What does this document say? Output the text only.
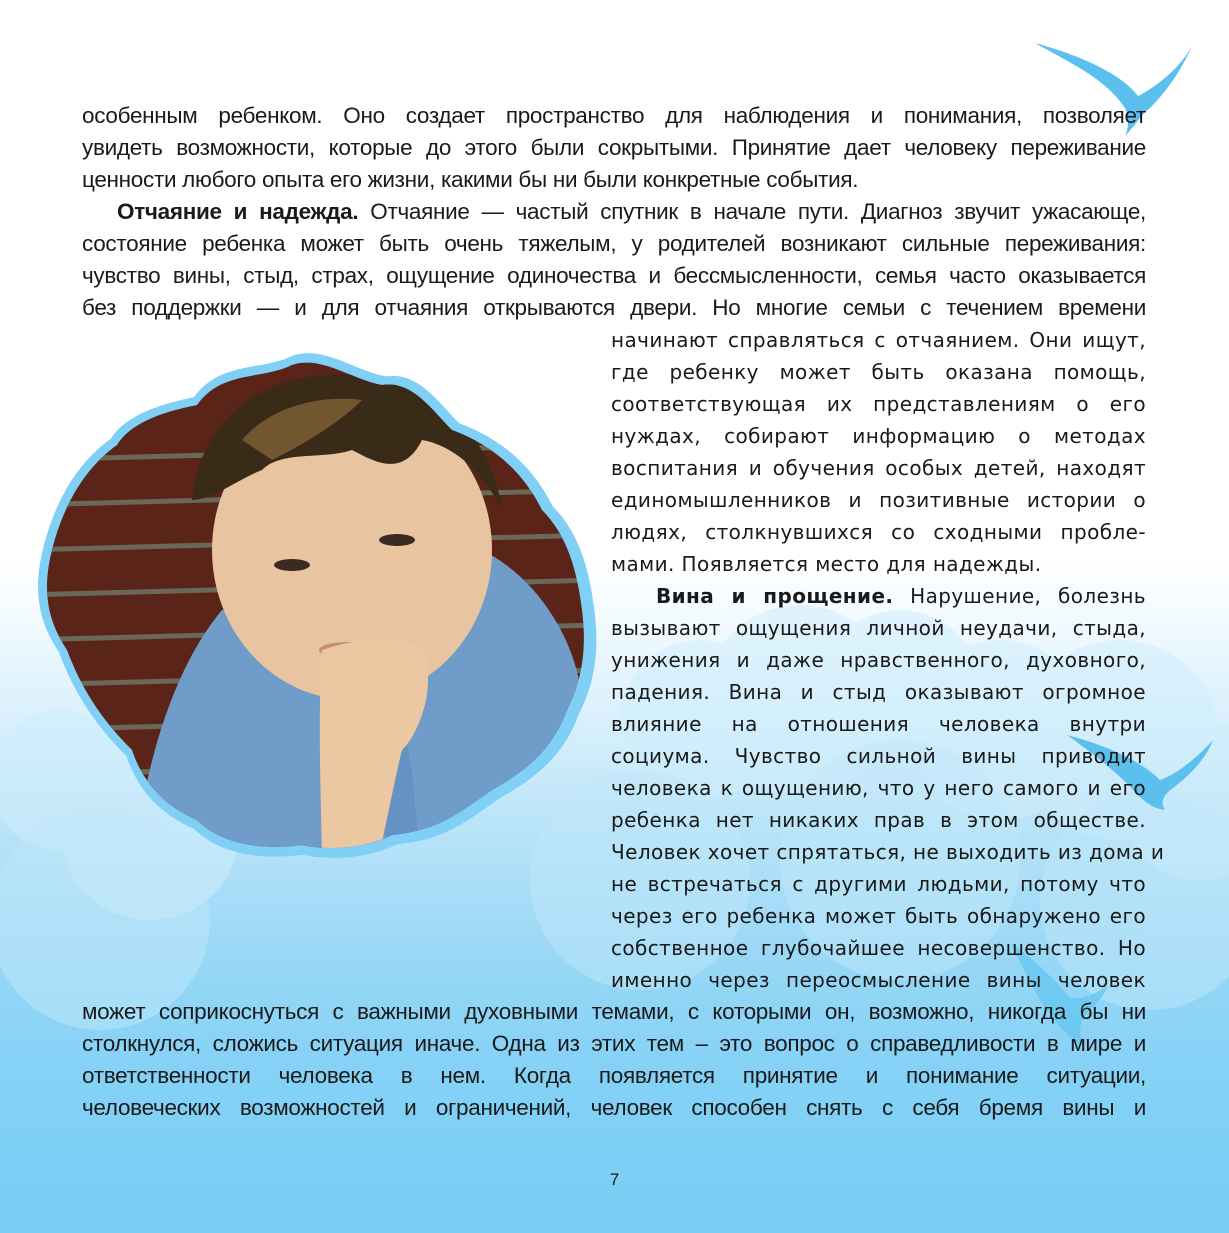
особенным ребенком. Оно создает пространство для наблюдения и понимания, позволяет
увидеть возможности, которые до этого были сокрытыми. Принятие дает человеку переживание
ценности любого опыта его жизни, какими бы ни были конкретные события.
Отчаяние и надежда. Отчаяние — частый спутник в начале пути. Диагноз звучит ужасающе,
состояние ребенка может быть очень тяжелым, у родителей возникают сильные переживания:
чувство вины, стыд, страх, ощущение одиночества и бессмысленности, семья часто оказывается
без поддержки — и для отчаяния открываются двери. Но многие семьи с течением времени
начинают справляться с отчаянием. Они ищут,
где ребенку может быть оказана помощь,
соответствующая их представлениям о его
нуждах, собирают информацию о методах
воспитания и обучения особых детей, находят
единомышленников и позитивные истории о
людях, столкнувшихся со сходными пробле-
мами. Появляется место для надежды.
Вина и прощение. Нарушение, болезнь
вызывают ощущения личной неудачи, стыда,
унижения и даже нравственного, духовного,
падения. Вина и стыд оказывают огромное
влияние на отношения человека внутри
социума. Чувство сильной вины приводит
человека к ощущению, что у него самого и его
ребенка нет никаких прав в этом обществе.
Человек хочет спрятаться, не выходить из дома и
не встречаться с другими людьми, потому что
через его ребенка может быть обнаружено его
собственное глубочайшее несовершенство. Но
именно через переосмысление вины человек
может соприкоснуться с важными духовными темами, с которыми он, возможно, никогда бы ни
столкнулся, сложись ситуация иначе. Одна из этих тем – это вопрос о справедливости в мире и
ответственности человека в нем. Когда появляется принятие и понимание ситуации,
человеческих возможностей и ограничений, человек способен снять с себя бремя вины и
7
